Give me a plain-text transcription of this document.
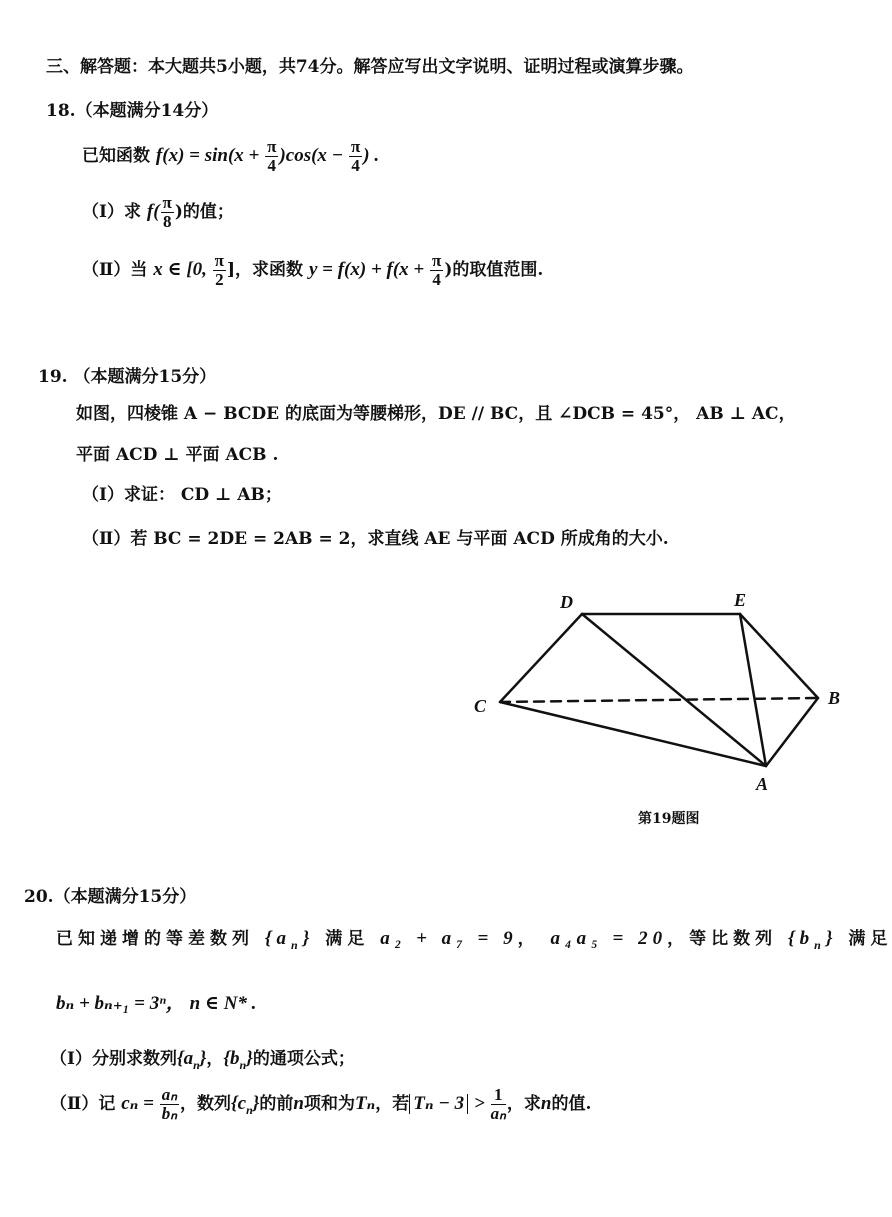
三、解答题：本大题共5小题，共74分。解答应写出文字说明、证明过程或演算步骤。
18.（本题满分14分）
已知函数 $f(x) = \sin(x + \frac{\pi}{4} )\cos(x - \frac{\pi}{4}$ ) .
（Ⅰ）求 $f( \frac{\pi}{8}$ )的值；
（Ⅱ）当 x ∈ [0, $\frac{\pi}{2}$ ]，求函数 $y = f(x) + f(x + \frac{\pi}{4}$ )的取值范围.
19. （本题满分15分）
如图，四棱锥 A − BCDE 的底面为等腰梯形，DE // BC，且 ∠DCB = 45°， AB ⊥ AC，
平面 ACD ⊥ 平面 ACB .
（Ⅰ）求证： CD ⊥ AB；
（Ⅱ）若 BC = 2DE = 2AB = 2，求直线 AE 与平面 ACD 所成角的大小.
D	E
C	B
A
第19题图
20.（本题满分15分）
已知递增的等差数列 $\{a_n\}$ 满足 a₂ + a₇ = 9， a₄a₅ = 20，等比数列 $\{b_n\}$ 满足
bₙ + bₙ₊₁ = 3ⁿ， n ∈ N* .
（Ⅰ）分别求数列$\{a_n\}$，$\{b_n\}$的通项公式；
（Ⅱ）记 $c_n = \frac{\text{aₙ}}{\text{bₙ}}$ ，数列$\{c_n\}$的前n项和为Tₙ，若 $T_n - 3 > \frac{1}{\text{aₙ}}$ ，求n的值.
